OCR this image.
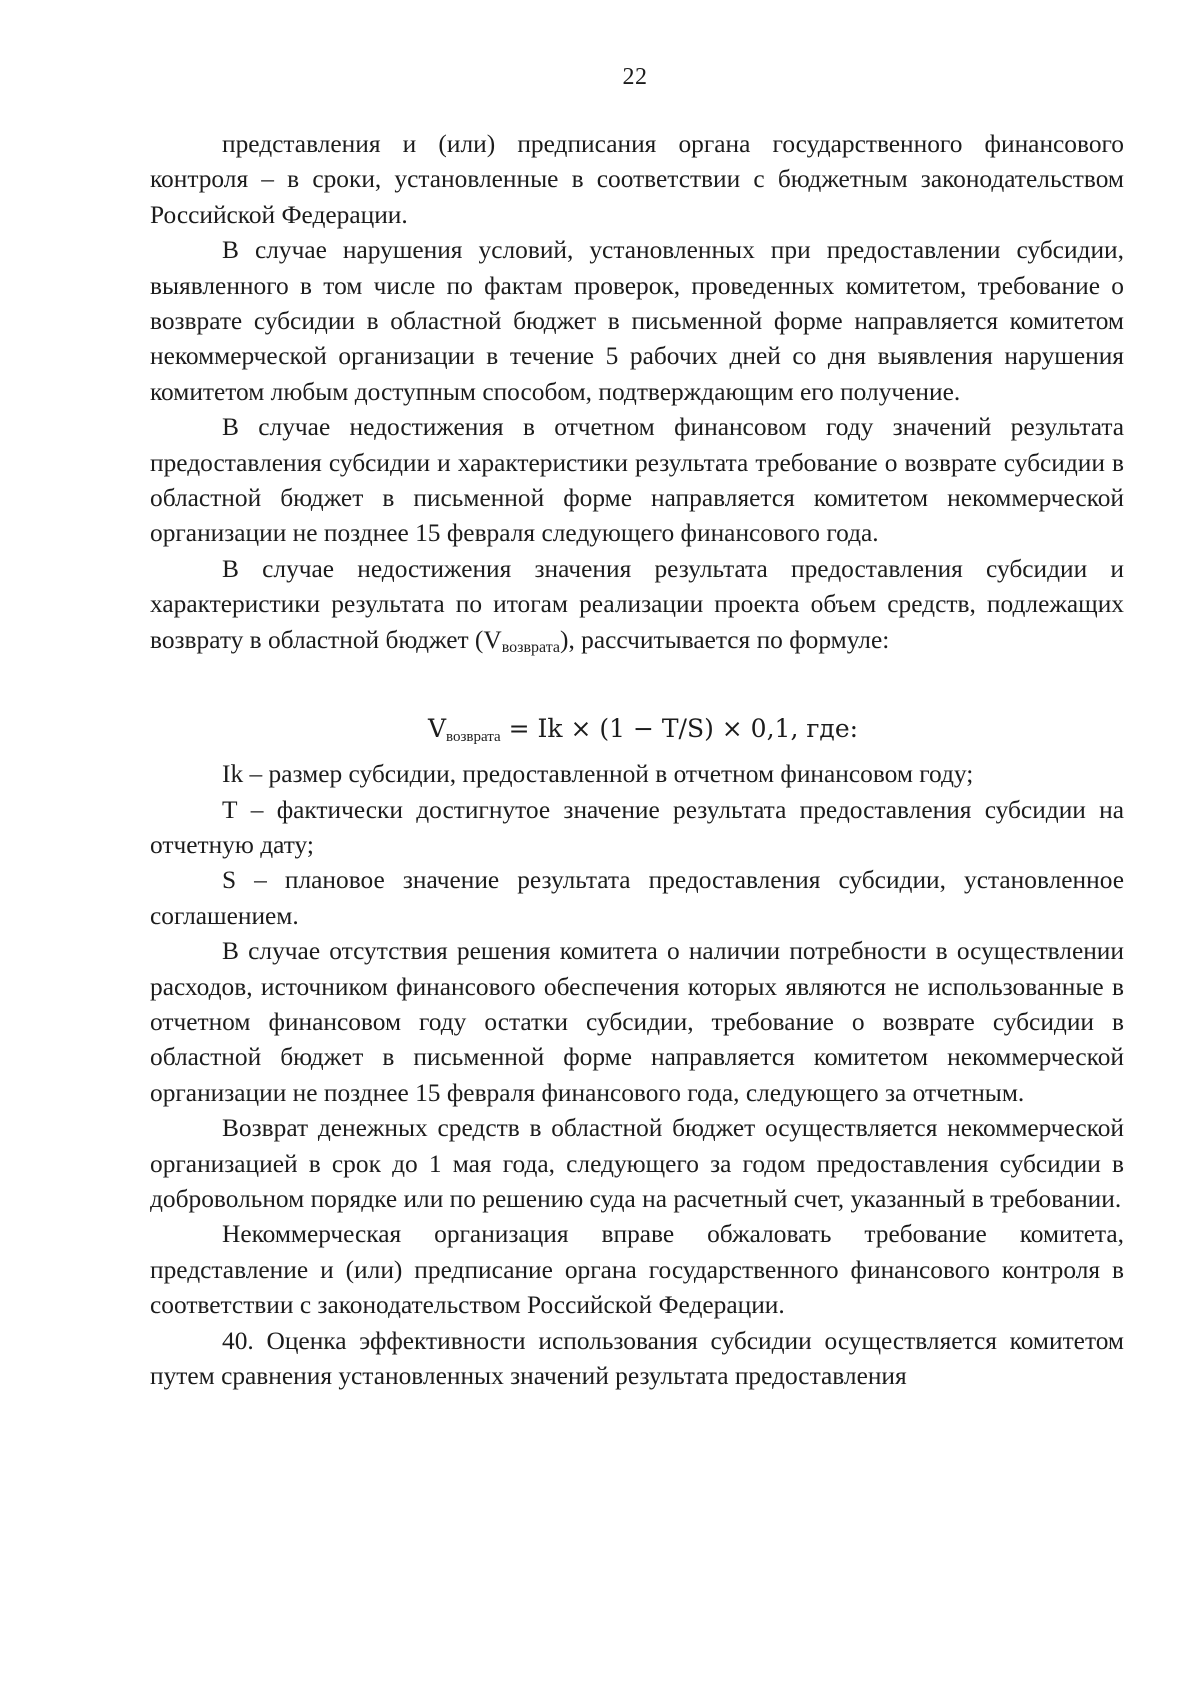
22

представления и (или) предписания органа государственного финансового контроля – в сроки, установленные в соответствии с бюджетным законодательством Российской Федерации.

В случае нарушения условий, установленных при предоставлении субсидии, выявленного в том числе по фактам проверок, проведенных комитетом, требование о возврате субсидии в областной бюджет в письменной форме направляется комитетом некоммерческой организации в течение 5 рабочих дней со дня выявления нарушения комитетом любым доступным способом, подтверждающим его получение.

В случае недостижения в отчетном финансовом году значений результата предоставления субсидии и характеристики результата требование о возврате субсидии в областной бюджет в письменной форме направляется комитетом некоммерческой организации не позднее 15 февраля следующего финансового года.

В случае недостижения значения результата предоставления субсидии и характеристики результата по итогам реализации проекта объем средств, подлежащих возврату в областной бюджет $(V_{возврата})$, рассчитывается по формуле:

$V_{возврата} = Ik \times (1 - T/S) \times 0,1$, где:

Ik – размер субсидии, предоставленной в отчетном финансовом году;

Т – фактически достигнутое значение результата предоставления субсидии на отчетную дату;

S – плановое значение результата предоставления субсидии, установленное соглашением.

В случае отсутствия решения комитета о наличии потребности в осуществлении расходов, источником финансового обеспечения которых являются не использованные в отчетном финансовом году остатки субсидии, требование о возврате субсидии в областной бюджет в письменной форме направляется комитетом некоммерческой организации не позднее 15 февраля финансового года, следующего за отчетным.

Возврат денежных средств в областной бюджет осуществляется некоммерческой организацией в срок до 1 мая года, следующего за годом предоставления субсидии в добровольном порядке или по решению суда на расчетный счет, указанный в требовании.

Некоммерческая организация вправе обжаловать требование комитета, представление и (или) предписание органа государственного финансового контроля в соответствии с законодательством Российской Федерации.

40. Оценка эффективности использования субсидии осуществляется комитетом путем сравнения установленных значений результата предоставления
